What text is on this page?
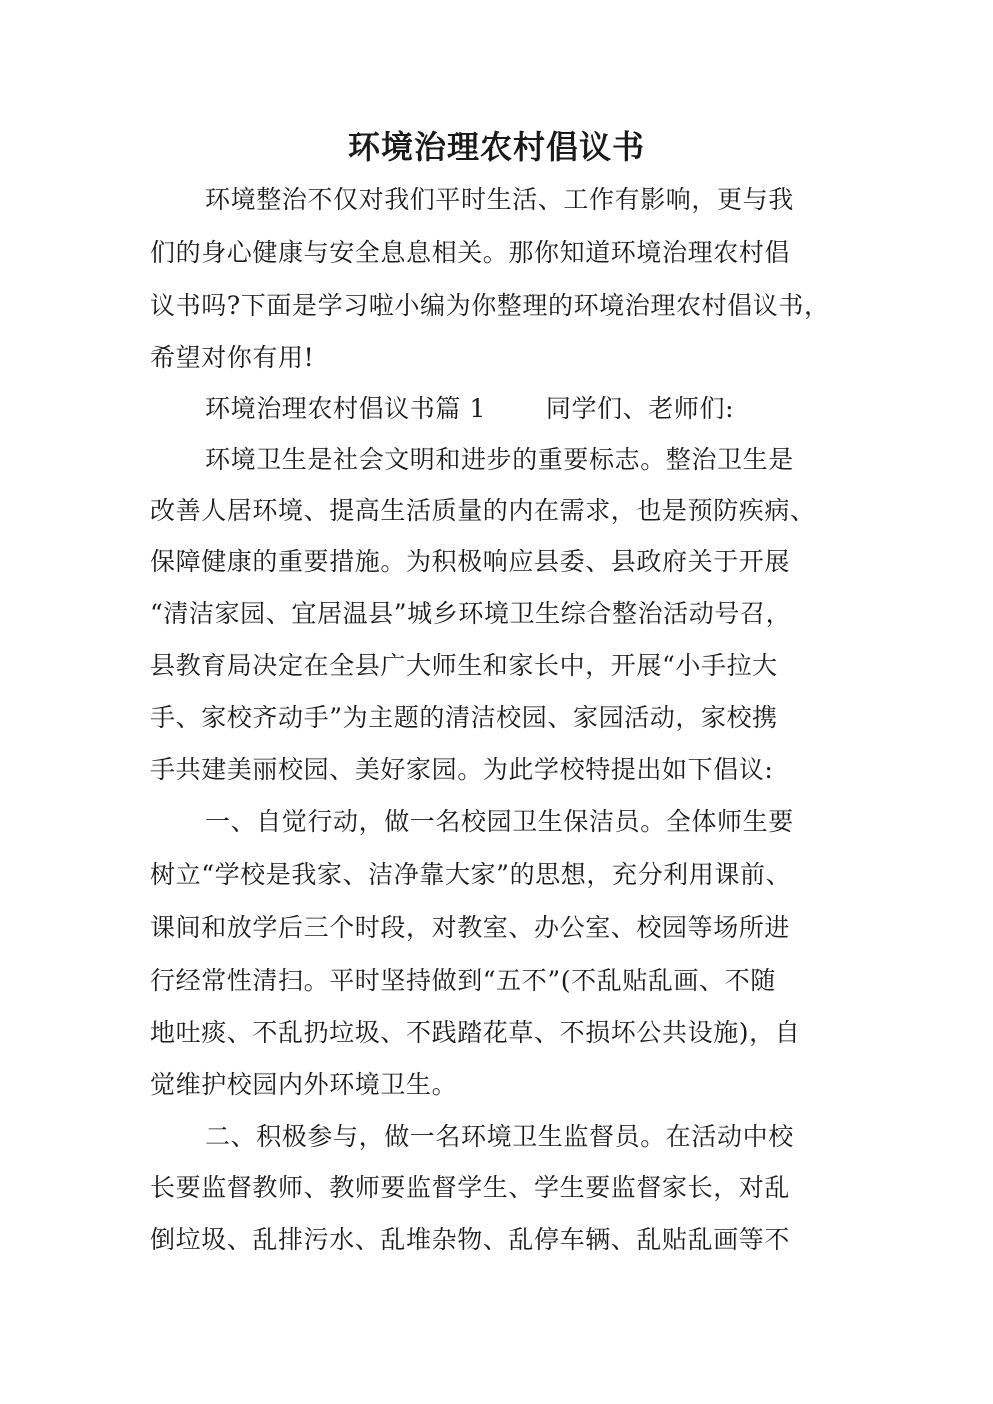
环境治理农村倡议书
环境整治不仅对我们平时生活、工作有影响，更与我
们的身心健康与安全息息相关。那你知道环境治理农村倡
议书吗?下面是学习啦小编为你整理的环境治理农村倡议书，
希望对你有用!
环境治理农村倡议书篇 1       同学们、老师们:
环境卫生是社会文明和进步的重要标志。整治卫生是
改善人居环境、提高生活质量的内在需求，也是预防疾病、
保障健康的重要措施。为积极响应县委、县政府关于开展
“清洁家园、宜居温县”城乡环境卫生综合整治活动号召，
县教育局决定在全县广大师生和家长中，开展“小手拉大
手、家校齐动手”为主题的清洁校园、家园活动，家校携
手共建美丽校园、美好家园。为此学校特提出如下倡议:
一、自觉行动，做一名校园卫生保洁员。全体师生要
树立“学校是我家、洁净靠大家”的思想，充分利用课前、
课间和放学后三个时段，对教室、办公室、校园等场所进
行经常性清扫。平时坚持做到“五不”(不乱贴乱画、不随
地吐痰、不乱扔垃圾、不践踏花草、不损坏公共设施)，自
觉维护校园内外环境卫生。
二、积极参与，做一名环境卫生监督员。在活动中校
长要监督教师、教师要监督学生、学生要监督家长，对乱
倒垃圾、乱排污水、乱堆杂物、乱停车辆、乱贴乱画等不
